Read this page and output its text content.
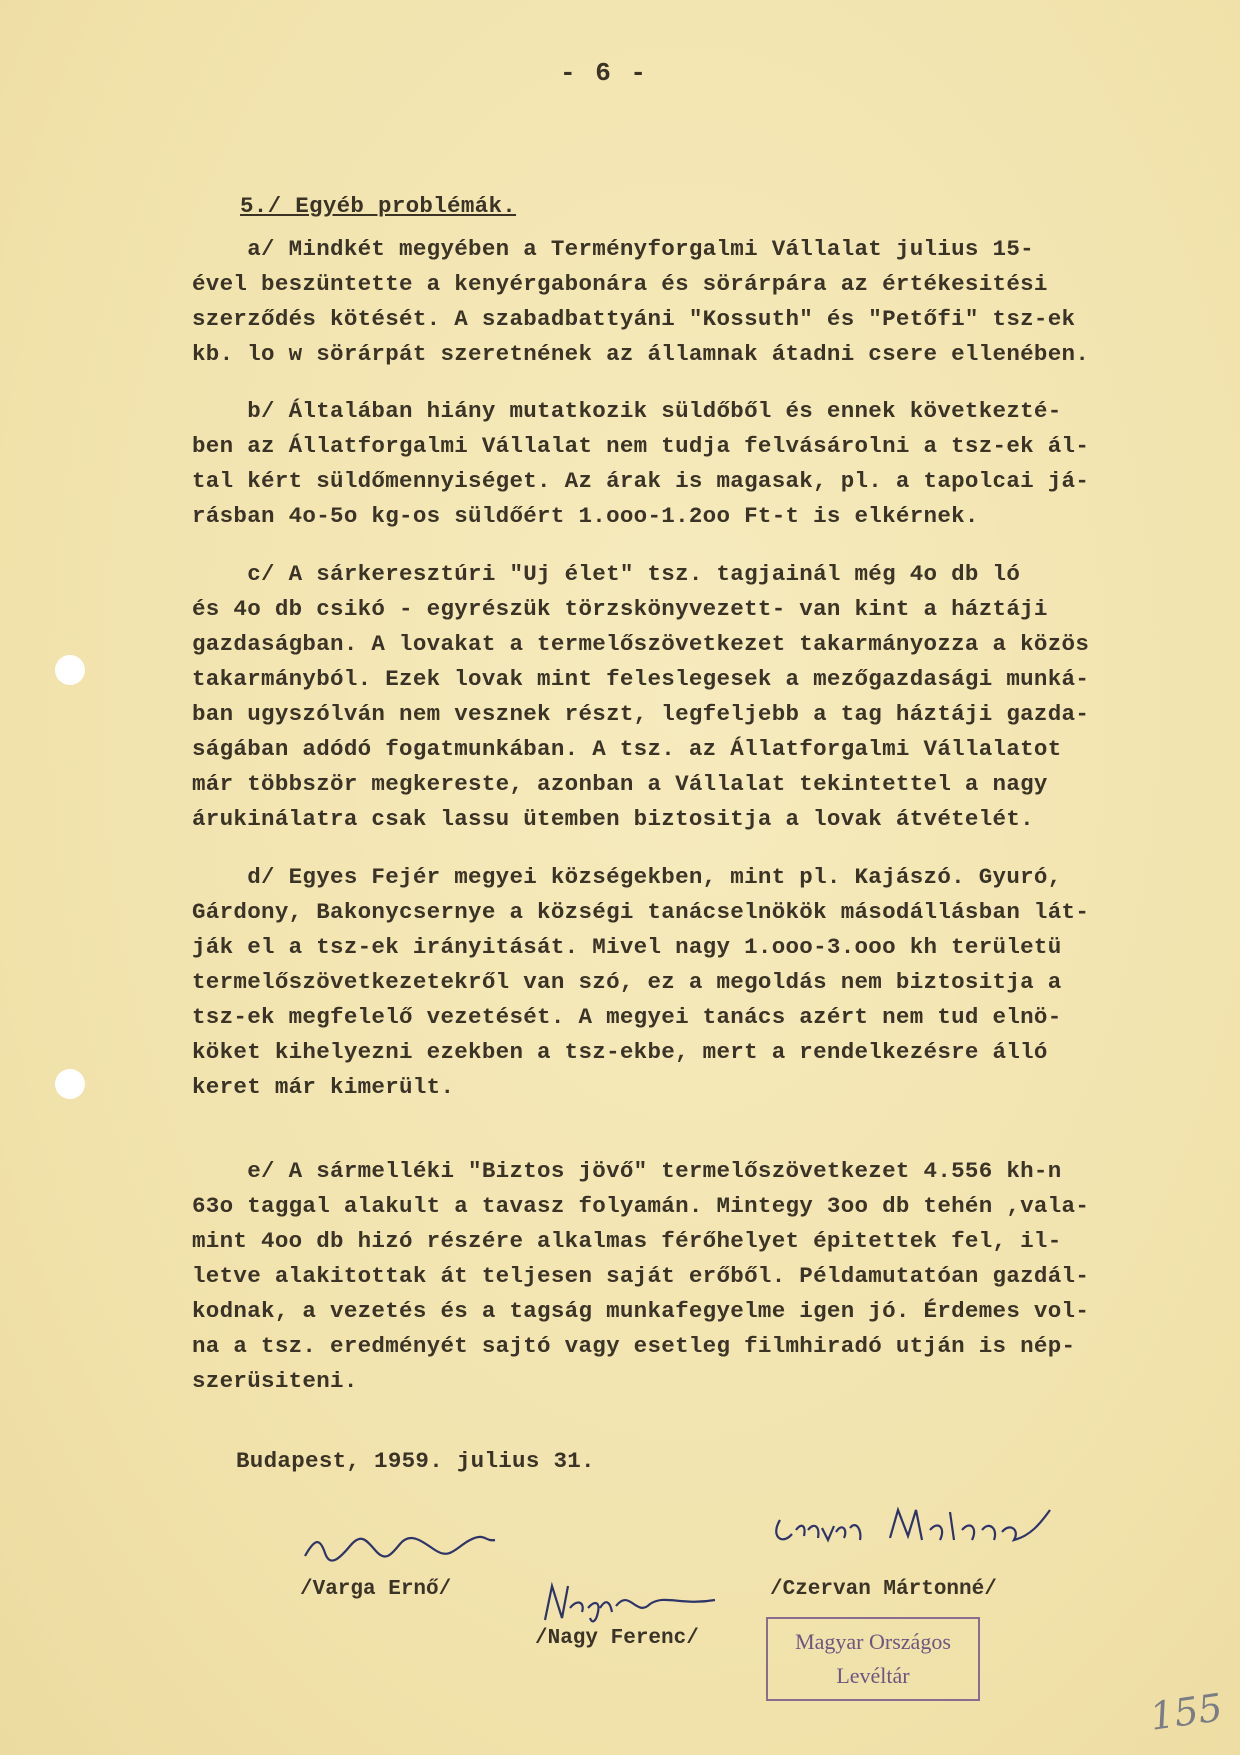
- 6 -
5./ Egyéb problémák.
a/ Mindkét megyében a Terményforgalmi Vállalat julius 15-
ével beszüntette a kenyérgabonára és sörárpára az értékesitési
szerződés kötését. A szabadbattyáni "Kossuth" és "Petőfi" tsz-ek
kb. lo w sörárpát szeretnének az államnak átadni csere ellenében.
b/ Általában hiány mutatkozik süldőből és ennek következté-
ben az Állatforgalmi Vállalat nem tudja felvásárolni a tsz-ek ál-
tal kért süldőmennyiséget. Az árak is magasak, pl. a tapolcai já-
rásban 4o-5o kg-os süldőért 1.ooo-1.2oo Ft-t is elkérnek.
c/ A sárkeresztúri "Uj élet" tsz. tagjainál még 4o db ló
és 4o db csikó - egyrészük törzskönyvezett- van kint a háztáji
gazdaságban. A lovakat a termelőszövetkezet takarmányozza a közös
takarmányból. Ezek lovak mint feleslegesek a mezőgazdasági munká-
ban ugyszólván nem vesznek részt, legfeljebb a tag háztáji gazda-
ságában adódó fogatmunkában. A tsz. az Állatforgalmi Vállalatot
már többször megkereste, azonban a Vállalat tekintettel a nagy
árukinálatra csak lassu ütemben biztositja a lovak átvételét.
d/ Egyes Fejér megyei községekben, mint pl. Kajászó. Gyuró,
Gárdony, Bakonycsernye a községi tanácselnökök másodállásban lát-
ják el a tsz-ek irányitását. Mivel nagy 1.ooo-3.ooo kh területü
termelőszövetkezetekről van szó, ez a megoldás nem biztositja a
tsz-ek megfelelő vezetését. A megyei tanács azért nem tud elnö-
köket kihelyezni ezekben a tsz-ekbe, mert a rendelkezésre álló
keret már kimerült.
e/ A sármelléki "Biztos jövő" termelőszövetkezet 4.556 kh-n
63o taggal alakult a tavasz folyamán. Mintegy 3oo db tehén ,vala-
mint 4oo db hizó részére alkalmas férőhelyet épitettek fel, il-
letve alakitottak át teljesen saját erőből. Példamutatóan gazdál-
kodnak, a vezetés és a tagság munkafegyelme igen jó. Érdemes vol-
na a tsz. eredményét sajtó vagy esetleg filmhiradó utján is nép-
szerüsiteni.
Budapest, 1959. julius 31.
/Varga Ernő/
/Nagy Ferenc/
/Czervan Mártonné/
Magyar Országos
Levéltár
155
